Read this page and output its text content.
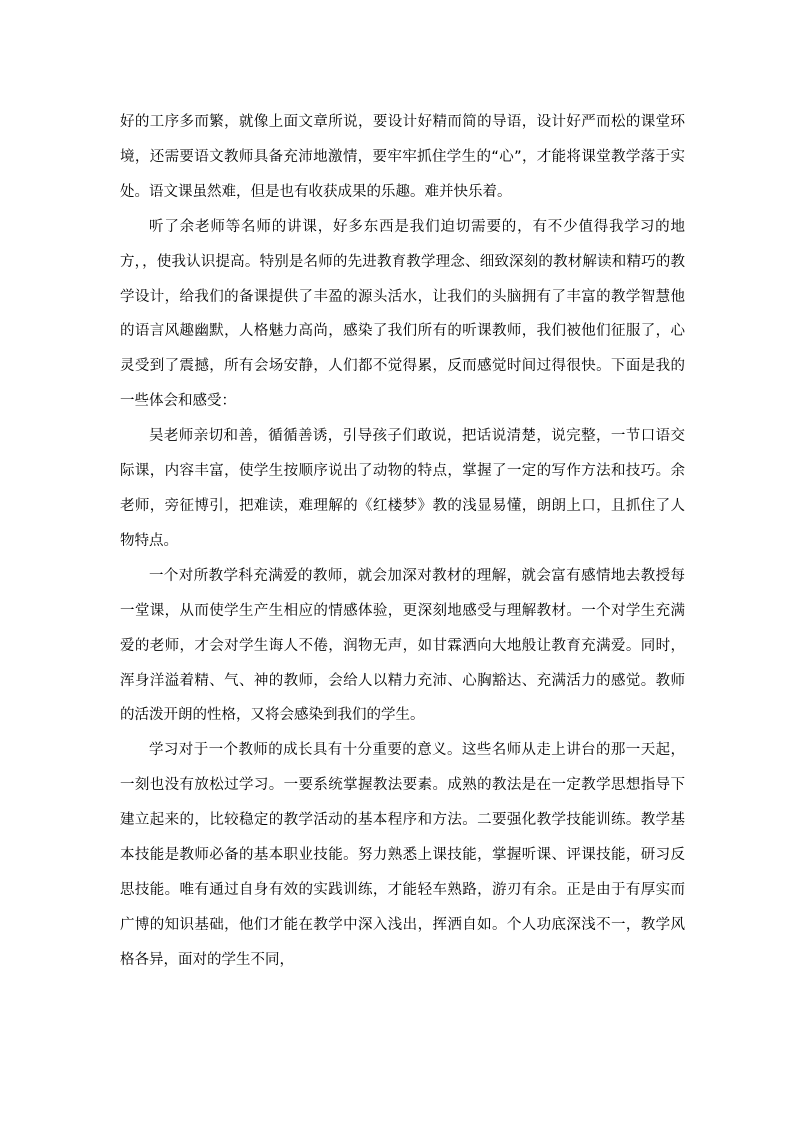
好的工序多而繁，就像上面文章所说，要设计好精而简的导语，设计好严而松的课堂环境，还需要语文教师具备充沛地激情，要牢牢抓住学生的“心”，才能将课堂教学落于实处。语文课虽然难，但是也有收获成果的乐趣。难并快乐着。

听了余老师等名师的讲课，好多东西是我们迫切需要的，有不少值得我学习的地方，，使我认识提高。特别是名师的先进教育教学理念、细致深刻的教材解读和精巧的教学设计，给我们的备课提供了丰盈的源头活水，让我们的头脑拥有了丰富的教学智慧他的语言风趣幽默，人格魅力高尚，感染了我们所有的听课教师，我们被他们征服了，心灵受到了震撼，所有会场安静，人们都不觉得累，反而感觉时间过得很快。下面是我的一些体会和感受：

吴老师亲切和善，循循善诱，引导孩子们敢说，把话说清楚，说完整，一节口语交际课，内容丰富，使学生按顺序说出了动物的特点，掌握了一定的写作方法和技巧。余老师，旁征博引，把难读，难理解的《红楼梦》教的浅显易懂，朗朗上口，且抓住了人物特点。

一个对所教学科充满爱的教师，就会加深对教材的理解，就会富有感情地去教授每一堂课，从而使学生产生相应的情感体验，更深刻地感受与理解教材。一个对学生充满爱的老师，才会对学生诲人不倦，润物无声，如甘霖洒向大地般让教育充满爱。同时，浑身洋溢着精、气、神的教师，会给人以精力充沛、心胸豁达、充满活力的感觉。教师的活泼开朗的性格，又将会感染到我们的学生。

学习对于一个教师的成长具有十分重要的意义。这些名师从走上讲台的那一天起，一刻也没有放松过学习。一要系统掌握教法要素。成熟的教法是在一定教学思想指导下建立起来的，比较稳定的教学活动的基本程序和方法。二要强化教学技能训练。教学基本技能是教师必备的基本职业技能。努力熟悉上课技能，掌握听课、评课技能，研习反思技能。唯有通过自身有效的实践训练，才能轻车熟路，游刃有余。正是由于有厚实而广博的知识基础，他们才能在教学中深入浅出，挥洒自如。个人功底深浅不一，教学风格各异，面对的学生不同，
